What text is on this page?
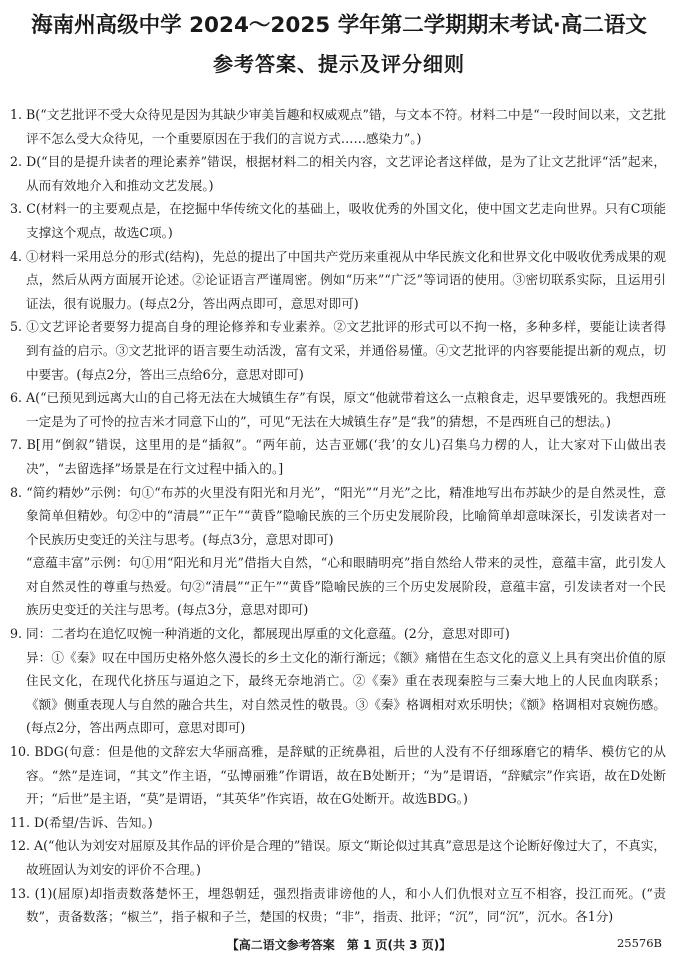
海南州高级中学 2024～2025 学年第二学期期末考试·高二语文
参考答案、提示及评分细则

1. B(“文艺批评不受大众待见是因为其缺少审美旨趣和权威观点”错，与文本不符。材料二中是“一段时间以来，文艺批评不怎么受大众待见，一个重要原因在于我们的言说方式……感染力”。)

2. D(“目的是提升读者的理论素养”错误，根据材料二的相关内容，文艺评论者这样做，是为了让文艺批评“活”起来，从而有效地介入和推动文艺发展。)

3. C(材料一的主要观点是，在挖掘中华传统文化的基础上，吸收优秀的外国文化，使中国文艺走向世界。只有C项能支撑这个观点，故选C项。)

4. ①材料一采用总分的形式(结构)，先总的提出了中国共产党历来重视从中华民族文化和世界文化中吸收优秀成果的观点，然后从两方面展开论述。②论证语言严谨周密。例如“历来”“广泛”等词语的使用。③密切联系实际，且运用引证法，很有说服力。(每点2分，答出两点即可，意思对即可)

5. ①文艺评论者要努力提高自身的理论修养和专业素养。②文艺批评的形式可以不拘一格，多种多样，要能让读者得到有益的启示。③文艺批评的语言要生动活泼，富有文采，并通俗易懂。④文艺批评的内容要能提出新的观点，切中要害。(每点2分，答出三点给6分，意思对即可)

6. A(“已预见到远离大山的自己将无法在大城镇生存”有误，原文“他就带着这么一点粮食走，迟早要饿死的。我想西班一定是为了可怜的拉吉米才同意下山的”，可见“无法在大城镇生存”是“我”的猜想，不是西班自己的想法。)

7. B[用“倒叙”错误，这里用的是“插叙”。“两年前，达吉亚娜(‘我’的女儿)召集乌力楞的人，让大家对下山做出表决”，“去留选择”场景是在行文过程中插入的。]

8. “简约精妙”示例：句①“布苏的火里没有阳光和月光”，“阳光”“月光”之比，精准地写出布苏缺少的是自然灵性，意象简单但精妙。句②中的“清晨”“正午”“黄昏”隐喻民族的三个历史发展阶段，比喻简单却意味深长，引发读者对一个民族历史变迁的关注与思考。(每点3分，意思对即可)

“意蕴丰富”示例：句①用“阳光和月光”借指大自然，“心和眼睛明亮”指自然给人带来的灵性，意蕴丰富，此引发人对自然灵性的尊重与热爱。句②“清晨”“正午”“黄昏”隐喻民族的三个历史发展阶段，意蕴丰富，引发读者对一个民族历史变迁的关注与思考。(每点3分，意思对即可)

9. 同：二者均在追忆叹惋一种消逝的文化，都展现出厚重的文化意蕴。(2分，意思对即可)

异：①《秦》叹在中国历史格外悠久漫长的乡土文化的渐行渐远；《额》痛惜在生态文化的意义上具有突出价值的原住民文化，在现代化挤压与逼迫之下，最终无奈地消亡。②《秦》重在表现秦腔与三秦大地上的人民血肉联系；《额》侧重表现人与自然的融合共生，对自然灵性的敬畏。③《秦》格调相对欢乐明快；《额》格调相对哀婉伤感。(每点2分，答出两点即可，意思对即可)

10. BDG(句意：但是他的文辞宏大华丽高雅，是辞赋的正统鼻祖，后世的人没有不仔细琢磨它的精华、模仿它的从容。“然”是连词，“其文”作主语，“弘博丽雅”作谓语，故在B处断开；“为”是谓语，“辞赋宗”作宾语，故在D处断开；“后世”是主语，“莫”是谓语，“其英华”作宾语，故在G处断开。故选BDG。)

11. D(希望/告诉、告知。)

12. A(“他认为刘安对屈原及其作品的评价是合理的”错误。原文“斯论似过其真”意思是这个论断好像过大了，不真实，故班固认为刘安的评价不合理。)

13. (1)(屈原)却指责数落楚怀王，埋怨朝廷，强烈指责诽谤他的人，和小人们仇恨对立互不相容，投江而死。(“责数”，责备数落；“椒兰”，指子椒和子兰，楚国的权贵；“非”，指责、批评；“沉”，同“沉”，沉水。各1分)

【高二语文参考答案　第 1 页(共 3 页)】	25576B
